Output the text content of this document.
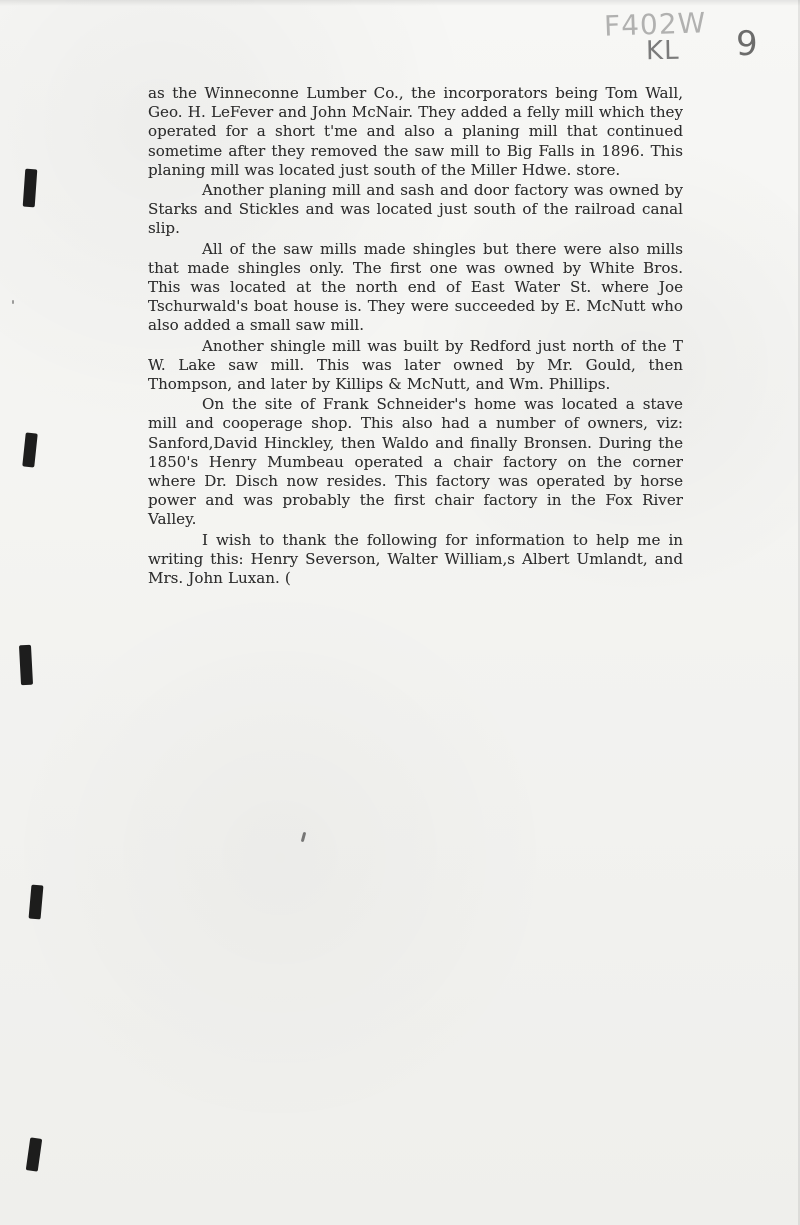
F402W
KL 9

as the Winneconne Lumber Co., the incorporators being Tom Wall, Geo. H. LeFever and John McNair. They added a felly mill which they operated for a short t'me and also a planing mill that continued sometime after they removed the saw mill to Big Falls in 1896. This planing mill was located just south of the Miller Hdwe. store.

Another planing mill and sash and door factory was owned by Starks and Stickles and was located just south of the railroad canal slip.

All of the saw mills made shingles but there were also mills that made shingles only. The first one was owned by White Bros. This was located at the north end of East Water St. where Joe Tschurwald's boat house is. They were succeeded by E. McNutt who also added a small saw mill.

Another shingle mill was built by Redford just north of the T W. Lake saw mill. This was later owned by Mr. Gould, then Thompson, and later by Killips & McNutt, and Wm. Phillips.

On the site of Frank Schneider's home was located a stave mill and cooperage shop. This also had a number of owners, viz: Sanford,David Hinckley, then Waldo and finally Bronsen. During the 1850's Henry Mumbeau operated a chair factory on the corner where Dr. Disch now resides. This factory was operated by horse power and was probably the first chair factory in the Fox River Valley.

I wish to thank the following for information to help me in writing this: Henry Severson, Walter William,s Albert Umlandt, and Mrs. John Luxan. (
